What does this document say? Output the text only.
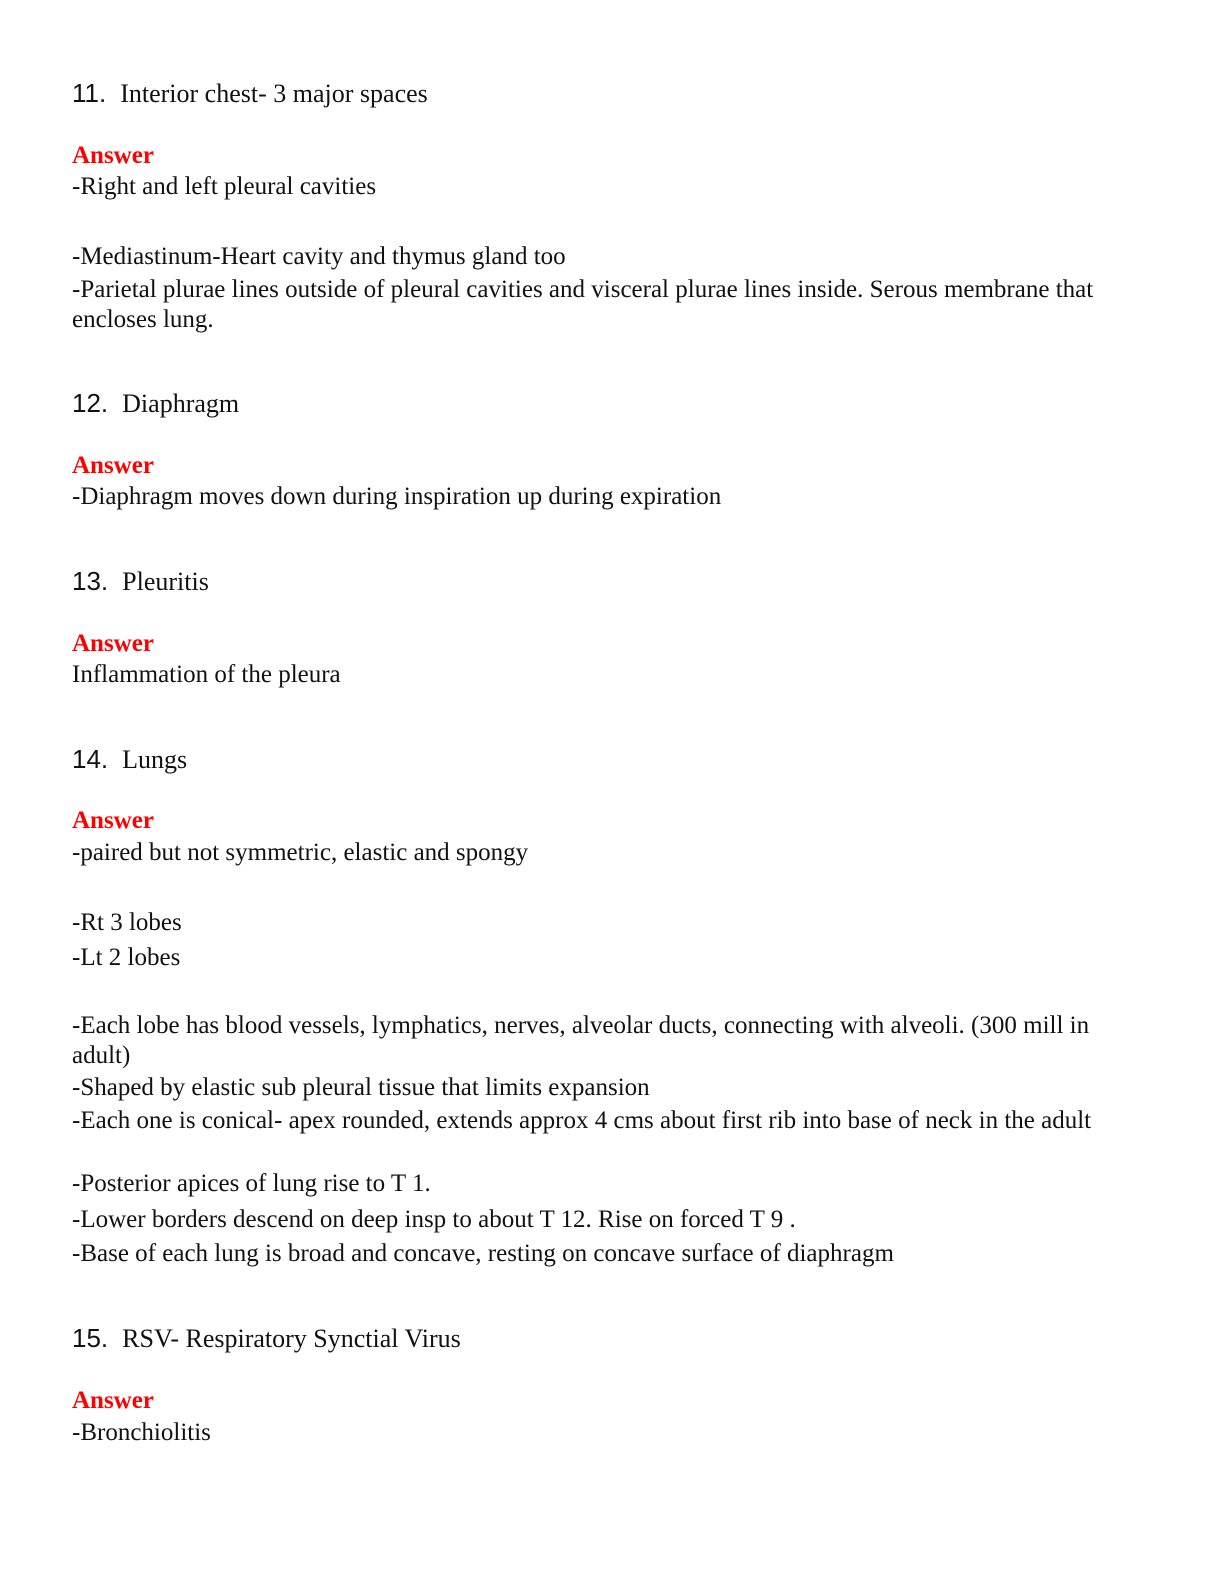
11. Interior chest- 3 major spaces
Answer
-Right and left pleural cavities
-Mediastinum-Heart cavity and thymus gland too
-Parietal plurae lines outside of pleural cavities and visceral plurae lines inside. Serous membrane that encloses lung.
12. Diaphragm
Answer
-Diaphragm moves down during inspiration up during expiration
13. Pleuritis
Answer
Inflammation of the pleura
14. Lungs
Answer
-paired but not symmetric, elastic and spongy
-Rt 3 lobes
-Lt 2 lobes
-Each lobe has blood vessels, lymphatics, nerves, alveolar ducts, connecting with alveoli. (300 mill in adult)
-Shaped by elastic sub pleural tissue that limits expansion
-Each one is conical- apex rounded, extends approx 4 cms about first rib into base of neck in the adult
-Posterior apices of lung rise to T 1.
-Lower borders descend on deep insp to about T 12. Rise on forced T 9 .
-Base of each lung is broad and concave, resting on concave surface of diaphragm
15. RSV- Respiratory Synctial Virus
Answer
-Bronchiolitis
